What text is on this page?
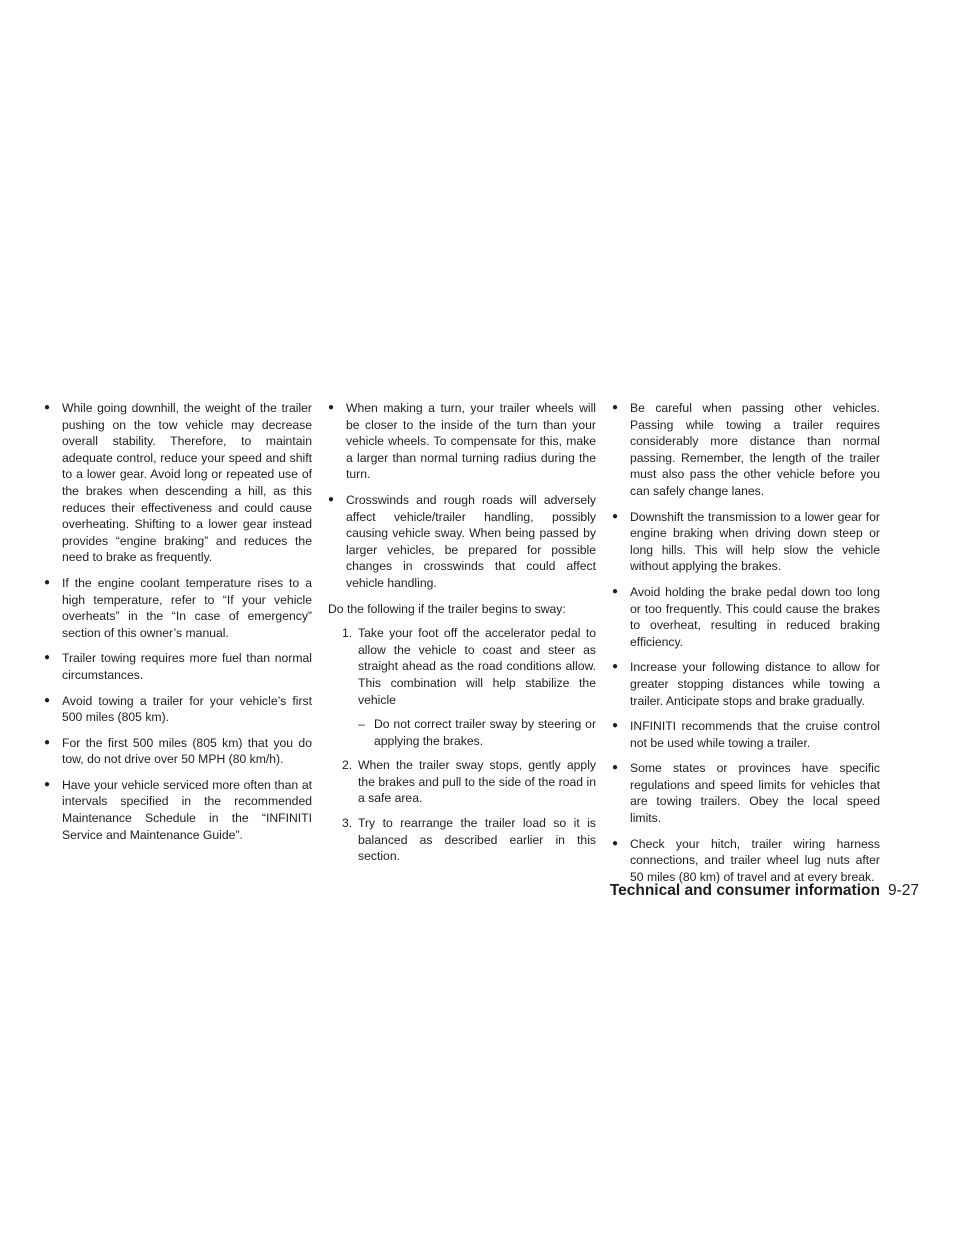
● While going downhill, the weight of the trailer pushing on the tow vehicle may decrease overall stability. Therefore, to maintain adequate control, reduce your speed and shift to a lower gear. Avoid long or repeated use of the brakes when descending a hill, as this reduces their effectiveness and could cause overheating. Shifting to a lower gear instead provides “engine braking” and reduces the need to brake as frequently.

● If the engine coolant temperature rises to a high temperature, refer to “If your vehicle overheats” in the “In case of emergency” section of this owner’s manual.

● Trailer towing requires more fuel than normal circumstances.

● Avoid towing a trailer for your vehicle’s first 500 miles (805 km).

● For the first 500 miles (805 km) that you do tow, do not drive over 50 MPH (80 km/h).

● Have your vehicle serviced more often than at intervals specified in the recommended Maintenance Schedule in the “INFINITI Service and Maintenance Guide”.

● When making a turn, your trailer wheels will be closer to the inside of the turn than your vehicle wheels. To compensate for this, make a larger than normal turning radius during the turn.

● Crosswinds and rough roads will adversely affect vehicle/trailer handling, possibly causing vehicle sway. When being passed by larger vehicles, be prepared for possible changes in crosswinds that could affect vehicle handling.

Do the following if the trailer begins to sway:

1. Take your foot off the accelerator pedal to allow the vehicle to coast and steer as straight ahead as the road conditions allow. This combination will help stabilize the vehicle

– Do not correct trailer sway by steering or applying the brakes.

2. When the trailer sway stops, gently apply the brakes and pull to the side of the road in a safe area.

3. Try to rearrange the trailer load so it is balanced as described earlier in this section.

● Be careful when passing other vehicles. Passing while towing a trailer requires considerably more distance than normal passing. Remember, the length of the trailer must also pass the other vehicle before you can safely change lanes.

● Downshift the transmission to a lower gear for engine braking when driving down steep or long hills. This will help slow the vehicle without applying the brakes.

● Avoid holding the brake pedal down too long or too frequently. This could cause the brakes to overheat, resulting in reduced braking efficiency.

● Increase your following distance to allow for greater stopping distances while towing a trailer. Anticipate stops and brake gradually.

● INFINITI recommends that the cruise control not be used while towing a trailer.

● Some states or provinces have specific regulations and speed limits for vehicles that are towing trailers. Obey the local speed limits.

● Check your hitch, trailer wiring harness connections, and trailer wheel lug nuts after 50 miles (80 km) of travel and at every break.

Technical and consumer information 9-27
